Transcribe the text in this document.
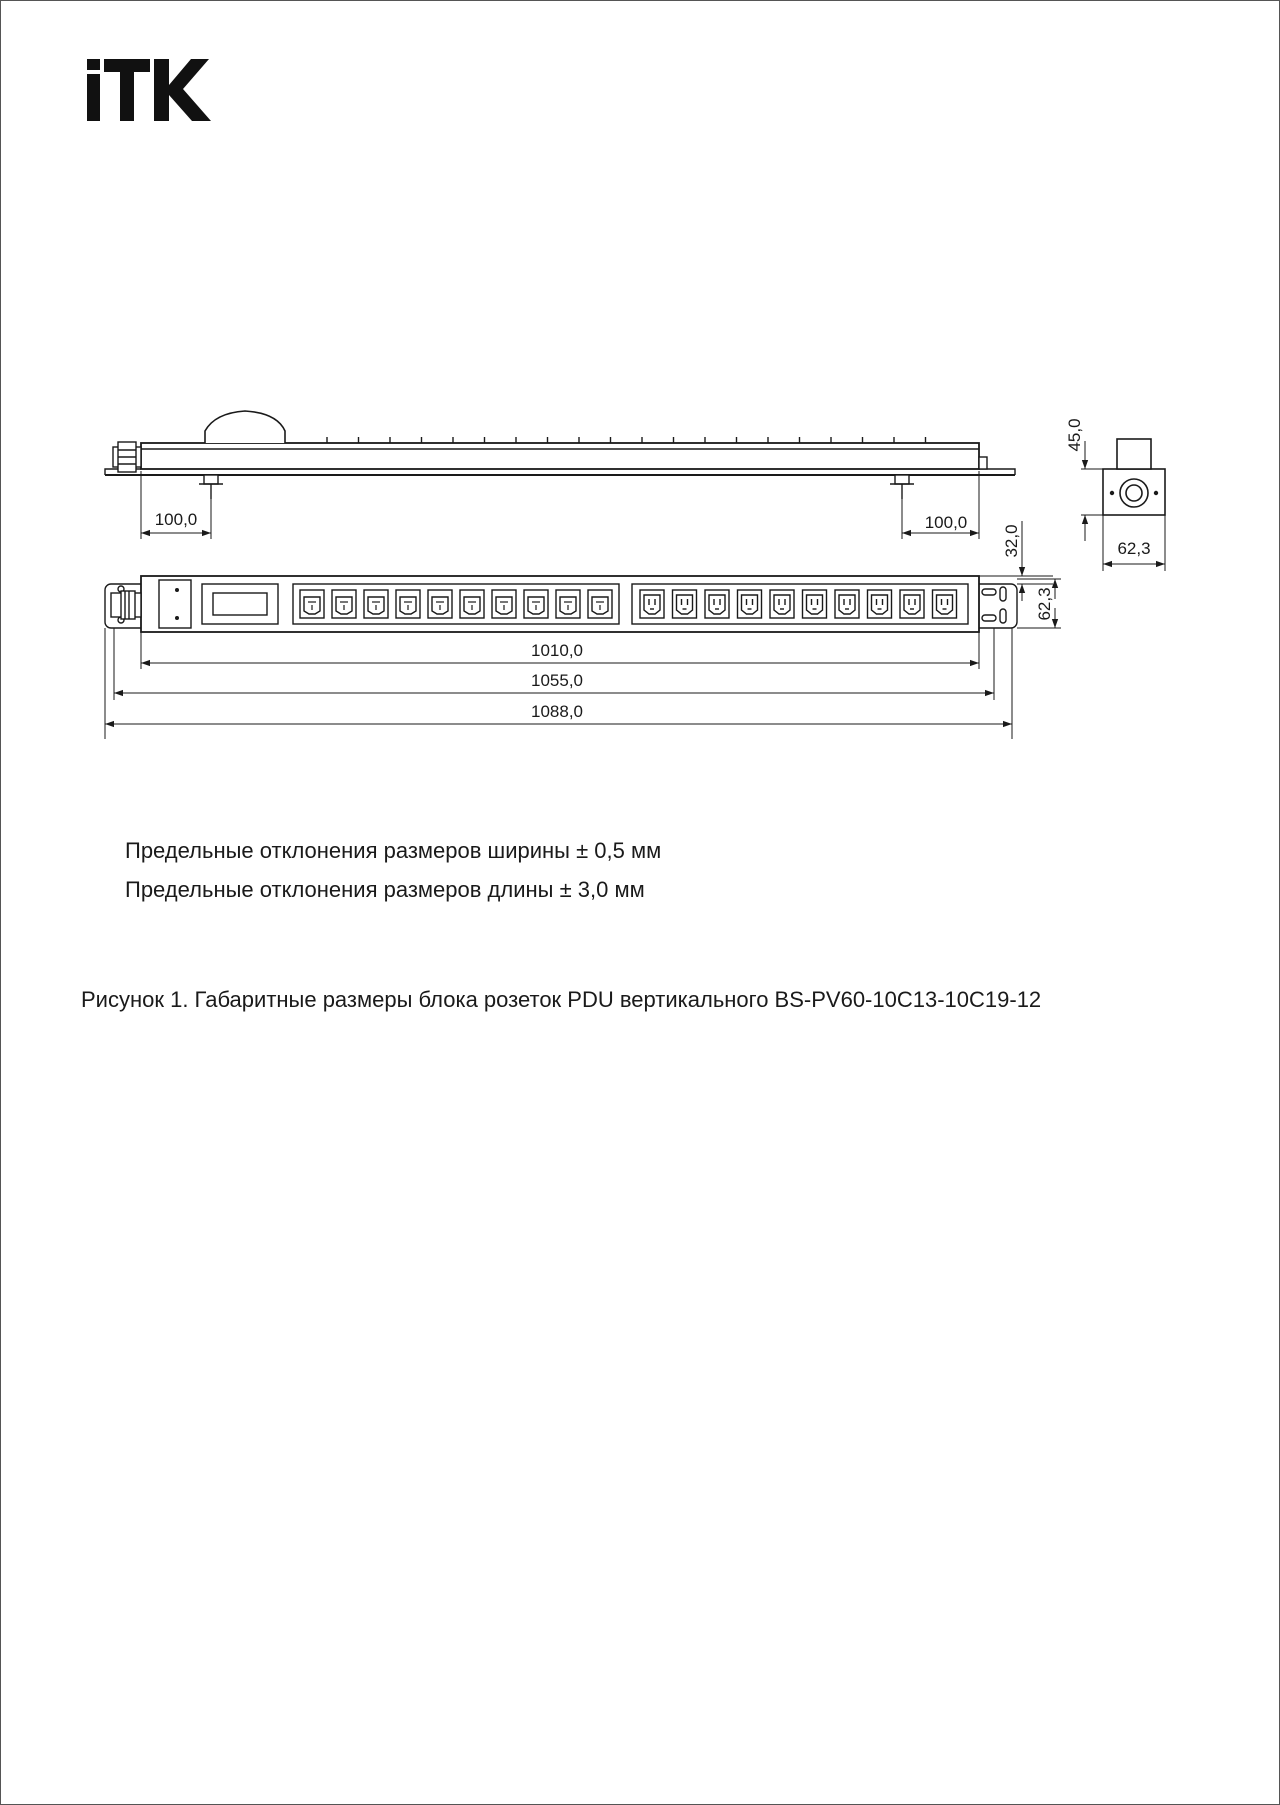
100,0	100,0
45,0
62,3
32,0
62,3
1010,0
1055,0
1088,0
Предельные отклонения размеров ширины ± 0,5 мм
Предельные отклонения размеров длины ± 3,0 мм
Рисунок 1. Габаритные размеры блока розеток PDU вертикального BS-PV60-10C13-10C19-12
